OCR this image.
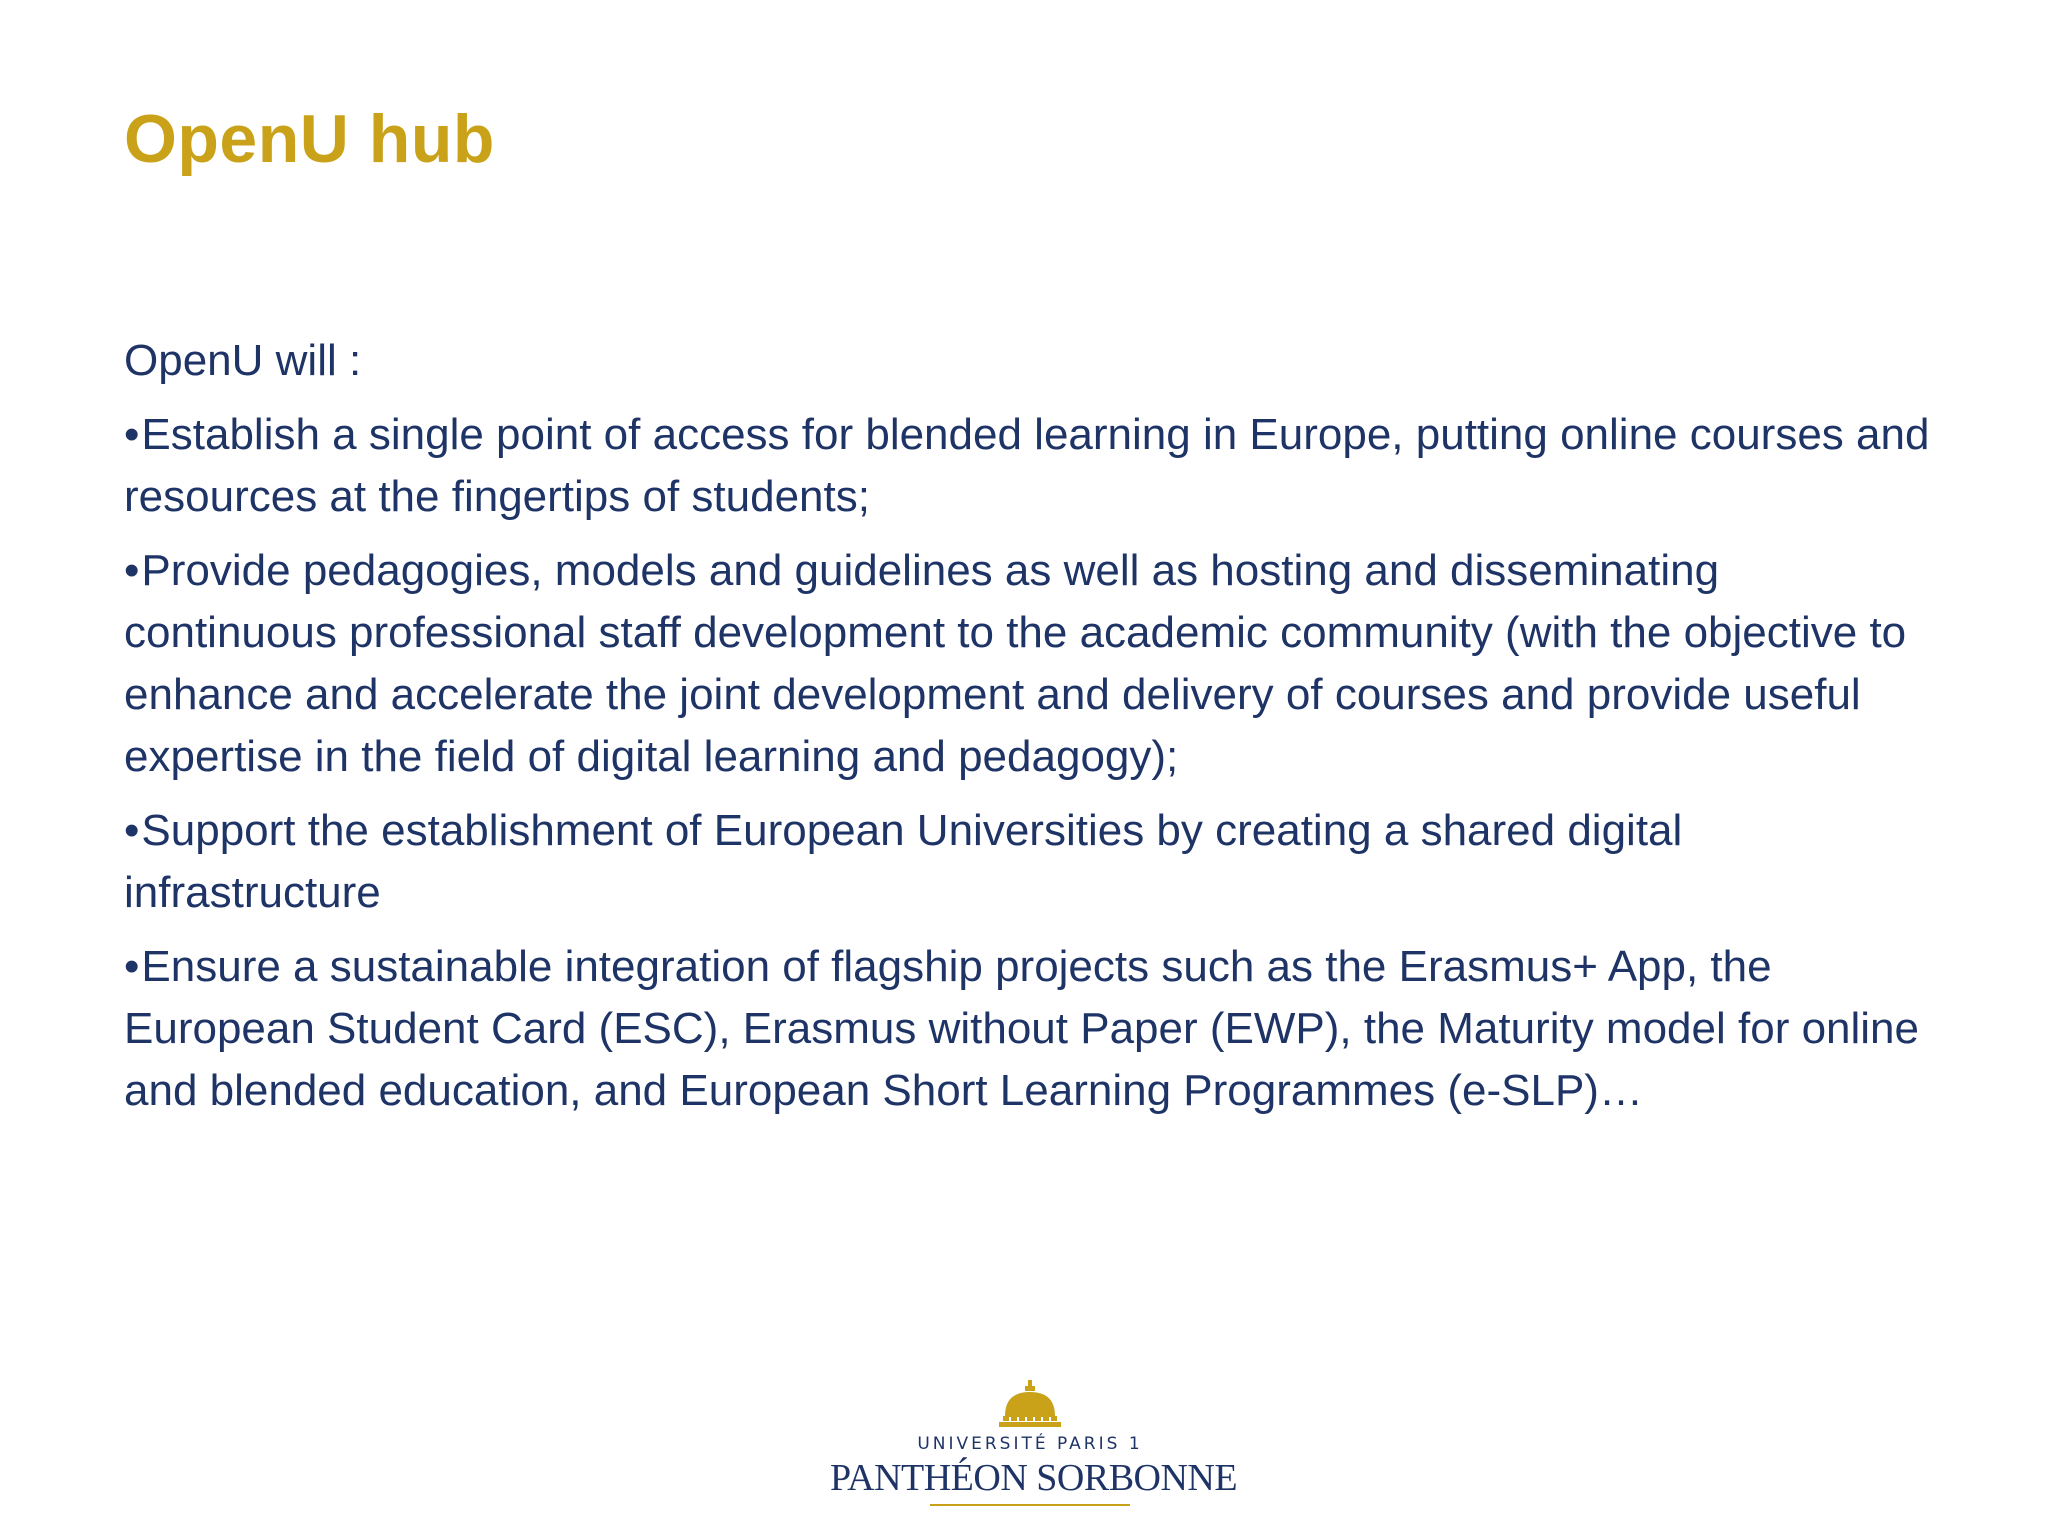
OpenU hub

OpenU will :

•Establish a single point of access for blended learning in Europe, putting online courses and resources at the fingertips of students;

•Provide pedagogies, models and guidelines as well as hosting and disseminating continuous professional staff development to the academic community (with the objective to enhance and accelerate the joint development and delivery of courses and provide useful expertise in the field of digital learning and pedagogy);

•Support the establishment of European Universities by creating a shared digital infrastructure

•Ensure a sustainable integration of flagship projects such as the Erasmus+ App, the European Student Card (ESC), Erasmus without Paper (EWP), the Maturity model for online and blended education, and European Short Learning Programmes (e-SLP)…

UNIVERSITÉ PARIS 1
PANTHÉON SORBONNE
